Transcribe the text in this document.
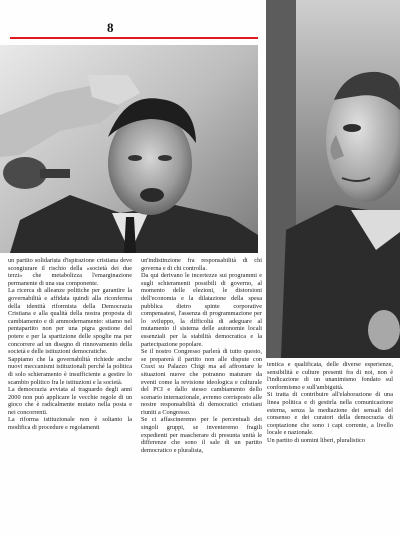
8

un partito solidarista d'ispirazione cristiana deve scongiurare il rischio della «società dei due terzi» che metabolizza l'emarginazione permanente di una sua componente.

La ricerca di alleanze politiche per garantire la governabilità e affidata quindi alla riconferma della identità riformista della Democrazia Cristiana e alla qualità della nostra proposta di cambiamento e di ammodernamento: stiamo nel pentapartito non per una pigra gestione del potere e per la spartizione delle spoglie ma per concorrere ad un disegno di rinnovamento della società e delle istituzioni democratiche.

Sappiamo che la governabilità richiede anche nuovi meccanismi istituzionali perché la politica di solo schieramento è insufficiente a gestire lo scambio politico fra le istituzioni e la società.

La democrazia avviata al traguardo degli anni 2000 non può applicare le vecchie regole di un gioco che è radicalmente mutato nella posta e nei concorrenti.

La riforma istituzionale non è soltanto la modifica di procedure e regolamenti

un'indistinzione fra responsabilità di chi governa e di chi controlla.

Da qui derivano le incertezze sui programmi e sugli schieramenti possibili di governo, al momento delle elezioni, le distorsioni dell'economia e la dilatazione della spesa pubblica dietro spinte corporative compensatesi, l'assenza di programmazione per lo sviluppo, la difficoltà di adeguare al mutamento il sistema delle autonomie locali essenziali per la stabilità democratica e la partecipazione popolare.

Se il nostro Congresso parlerà di tutto questo, se preparerà il partito non alle dispute con Craxi su Palazzo Chigi ma ad affrontare le situazioni nuove che potranno maturare da eventi come la revisione ideologica e culturale del PCI e dallo stesso cambiamento dello scenario internazionale, avremo corrisposto alle nostre responsabilità di democratici cristiani riuniti a Congresso.

Se ci affascineremo per le percentuali dei singoli gruppi, se inventeremo fragili expedienti per mascherare di presunta unità le differenze che sono il sale di un partito democratico e pluralista,

tentica e qualificata, delle diverse esperienze, sensibilità e culture presenti fra di noi, non è l'indicazione di un unanimismo fondato sul conformismo e sull'ambiguità.

Si tratta di contribuire all'elaborazione di una linea politica e di gestirla nella comunicazione esterna, senza la mediazione dei sensali del consenso e dei curatori della democrazia di cooptazione che sono i capi corrente, a livello locale e nazionale.

Un partito di uomini liberi, pluralistico
